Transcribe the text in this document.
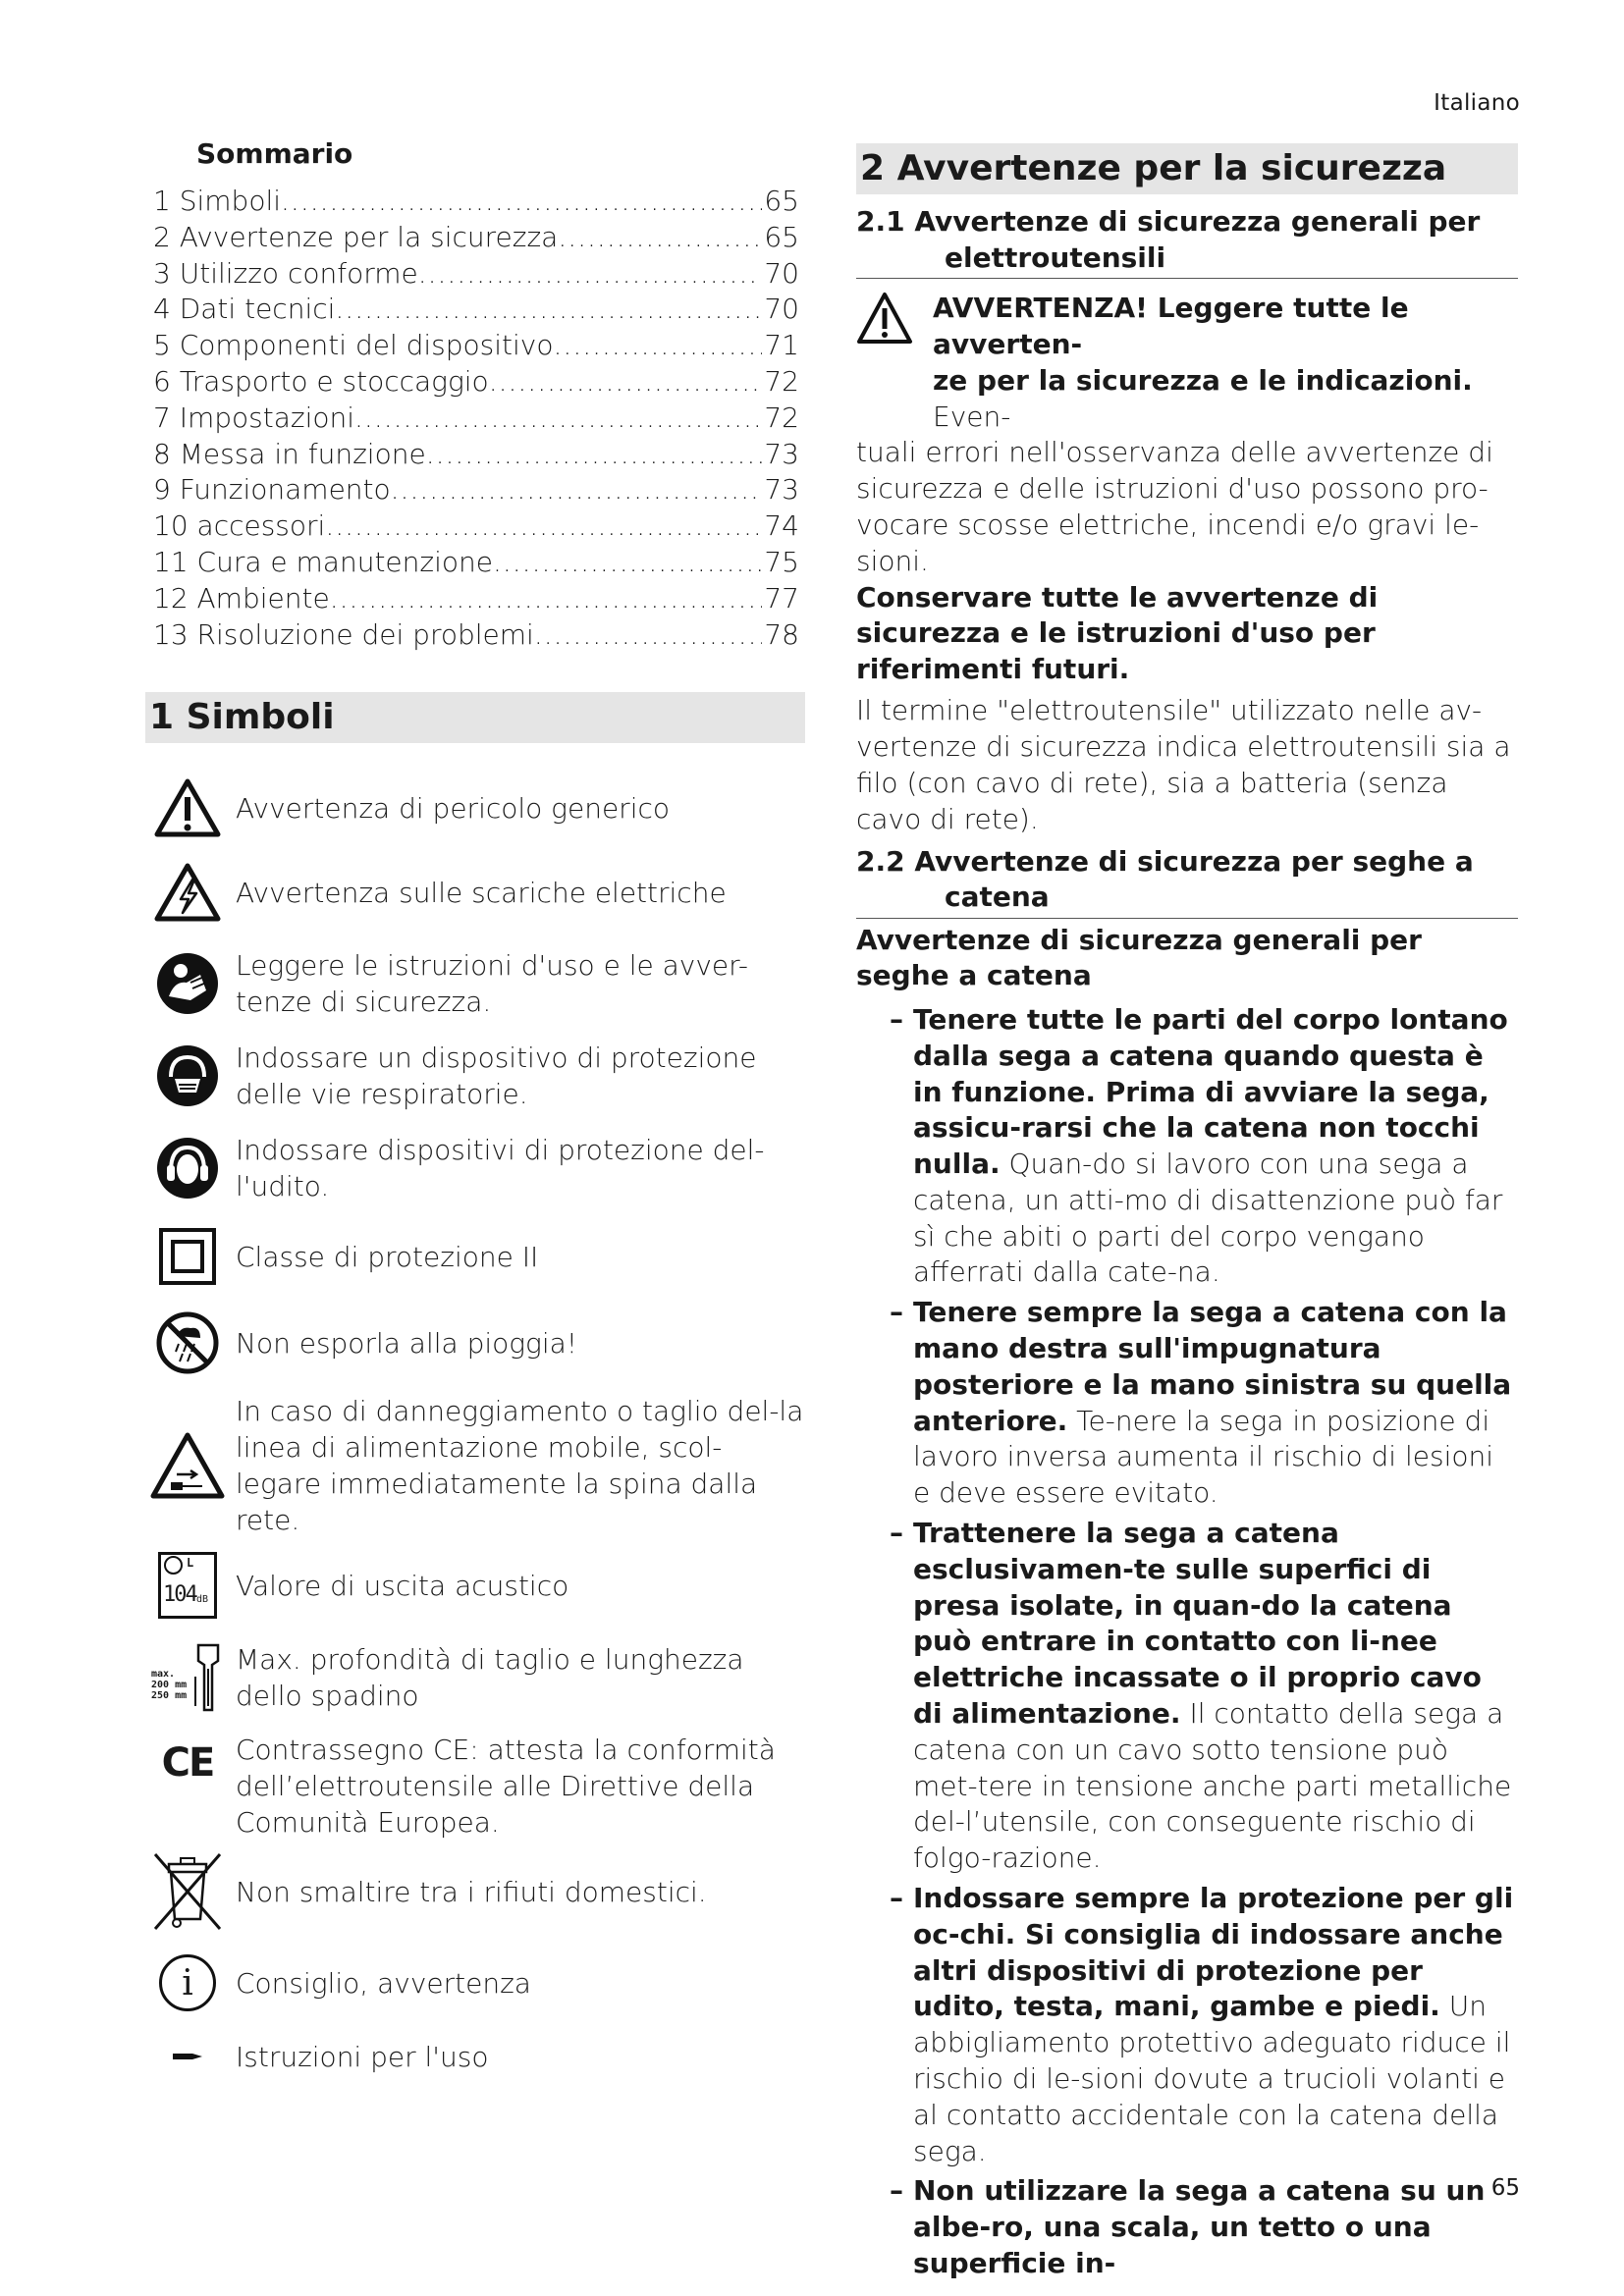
Italiano
Sommario
1 Simboli .....	65
2 Avvertenze per la sicurezza .....	65
3 Utilizzo conforme .....	70
4 Dati tecnici .....	70
5 Componenti del dispositivo .....	71
6 Trasporto e stoccaggio .....	72
7 Impostazioni .....	72
8 Messa in funzione .....	73
9 Funzionamento .....	73
10 accessori .....	74
11 Cura e manutenzione .....	75
12 Ambiente .....	77
13 Risoluzione dei problemi .....	78
1 Simboli
Avvertenza di pericolo generico
Avvertenza sulle scariche elettriche
Leggere le istruzioni d'uso e le avver-tenze di sicurezza.
Indossare un dispositivo di protezione delle vie respiratorie.
Indossare dispositivi di protezione del-l'udito.
Classe di protezione II
Non esporla alla pioggia!
In caso di danneggiamento o taglio del-la linea di alimentazione mobile, scol-legare immediatamente la spina dalla rete.
L
104 dB Valore di uscita acustico
max.
200 mm
250 mm
Max. profondità di taglio e lunghezza dello spadino
CE Contrassegno CE: attesta la conformità dell’elettroutensile alle Direttive della Comunità Europea.
Non smaltire tra i rifiuti domestici.
i	Consiglio, avvertenza
Istruzioni per l'uso
2 Avvertenze per la sicurezza
2.1 Avvertenze di sicurezza generali per
elettroutensili
AVVERTENZA! Leggere tutte le avverten-
ze per la sicurezza e le indicazioni. Even-
tuali errori nell'osservanza delle avvertenze di sicurezza e delle istruzioni d'uso possono pro-vocare scosse elettriche, incendi e/o gravi le-sioni.
Conservare tutte le avvertenze di sicurezza e le istruzioni d'uso per riferimenti futuri.
Il termine "elettroutensile" utilizzato nelle av-vertenze di sicurezza indica elettroutensili sia a filo (con cavo di rete), sia a batteria (senza cavo di rete).
2.2 Avvertenze di sicurezza per seghe a
catena
Avvertenze di sicurezza generali per seghe a catena
– Tenere tutte le parti del corpo lontano dalla sega a catena quando questa è in funzione. Prima di avviare la sega, assicu-rarsi che la catena non tocchi nulla. Quan-do si lavoro con una sega a catena, un atti-mo di disattenzione può far sì che abiti o parti del corpo vengano afferrati dalla cate-na.
– Tenere sempre la sega a catena con la mano destra sull'impugnatura posteriore e la mano sinistra su quella anteriore. Te-nere la sega in posizione di lavoro inversa aumenta il rischio di lesioni e deve essere evitato.
– Trattenere la sega a catena esclusivamen-te sulle superfici di presa isolate, in quan-do la catena può entrare in contatto con li-nee elettriche incassate o il proprio cavo di alimentazione. Il contatto della sega a catena con un cavo sotto tensione può met-tere in tensione anche parti metalliche del-l’utensile, con conseguente rischio di folgo-razione.
– Indossare sempre la protezione per gli oc-chi. Si consiglia di indossare anche altri dispositivi di protezione per udito, testa, mani, gambe e piedi. Un abbigliamento protettivo adeguato riduce il rischio di le-sioni dovute a trucioli volanti e al contatto accidentale con la catena della sega.
– Non utilizzare la sega a catena su un albe-ro, una scala, un tetto o una superficie in-
65
